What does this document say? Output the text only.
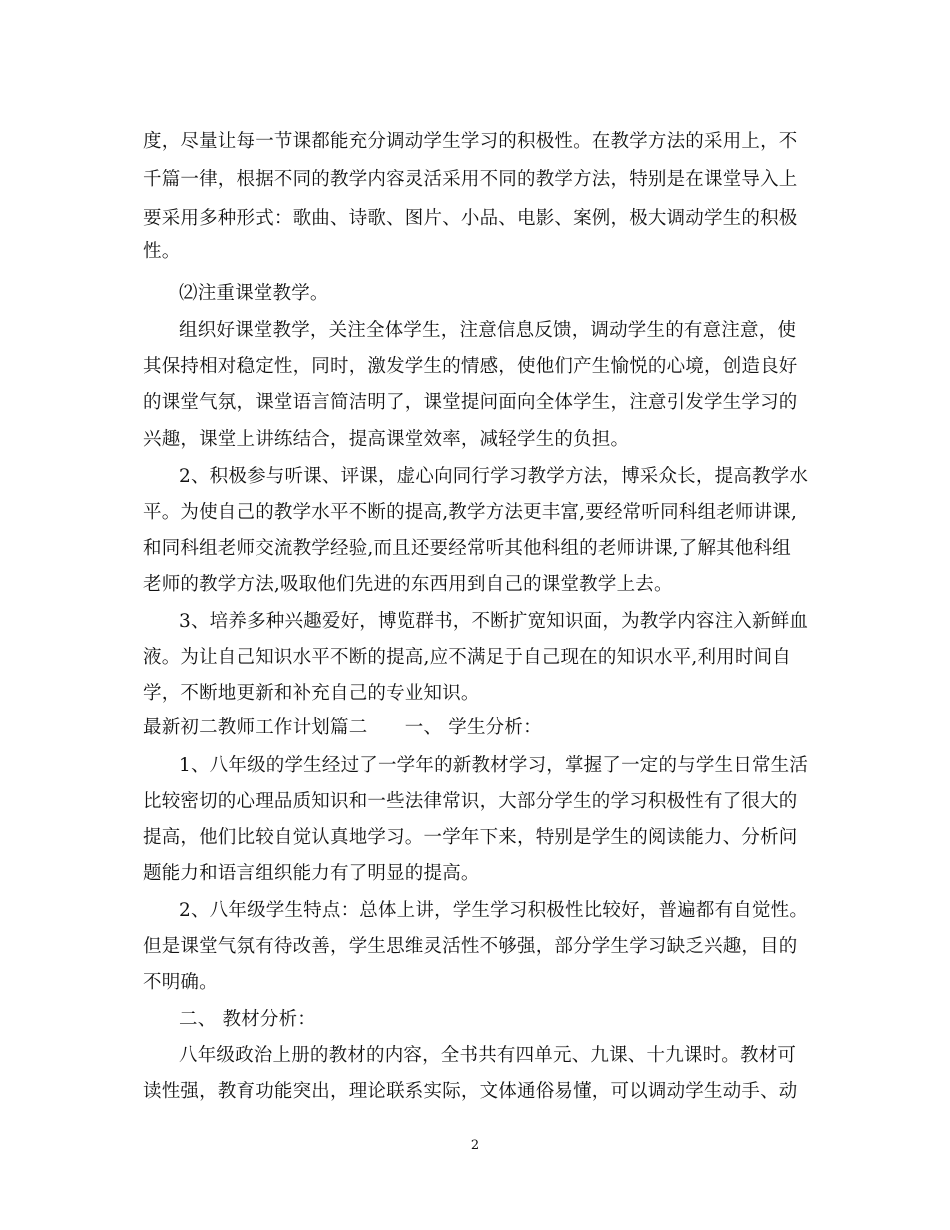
度，尽量让每一节课都能充分调动学生学习的积极性。在教学方法的采用上，不
千篇一律，根据不同的教学内容灵活采用不同的教学方法，特别是在课堂导入上
要采用多种形式：歌曲、诗歌、图片、小品、电影、案例，极大调动学生的积极
性。
⑵注重课堂教学。
组织好课堂教学，关注全体学生，注意信息反馈，调动学生的有意注意，使
其保持相对稳定性，同时，激发学生的情感，使他们产生愉悦的心境，创造良好
的课堂气氛，课堂语言简洁明了，课堂提问面向全体学生，注意引发学生学习的
兴趣，课堂上讲练结合，提高课堂效率，减轻学生的负担。
2、积极参与听课、评课，虚心向同行学习教学方法，博采众长，提高教学水
平。为使自己的教学水平不断的提高,教学方法更丰富,要经常听同科组老师讲课,
和同科组老师交流教学经验,而且还要经常听其他科组的老师讲课,了解其他科组
老师的教学方法,吸取他们先进的东西用到自己的课堂教学上去。
3、培养多种兴趣爱好，博览群书，不断扩宽知识面，为教学内容注入新鲜血
液。为让自己知识水平不断的提高,应不满足于自己现在的知识水平,利用时间自
学，不断地更新和补充自己的专业知识。
最新初二教师工作计划篇二　　一、 学生分析：
1、八年级的学生经过了一学年的新教材学习，掌握了一定的与学生日常生活
比较密切的心理品质知识和一些法律常识，大部分学生的学习积极性有了很大的
提高，他们比较自觉认真地学习。一学年下来，特别是学生的阅读能力、分析问
题能力和语言组织能力有了明显的提高。
2、八年级学生特点：总体上讲，学生学习积极性比较好，普遍都有自觉性。
但是课堂气氛有待改善，学生思维灵活性不够强，部分学生学习缺乏兴趣，目的
不明确。
二、 教材分析：
八年级政治上册的教材的内容，全书共有四单元、九课、十九课时。教材可
读性强，教育功能突出，理论联系实际，文体通俗易懂，可以调动学生动手、动
2
